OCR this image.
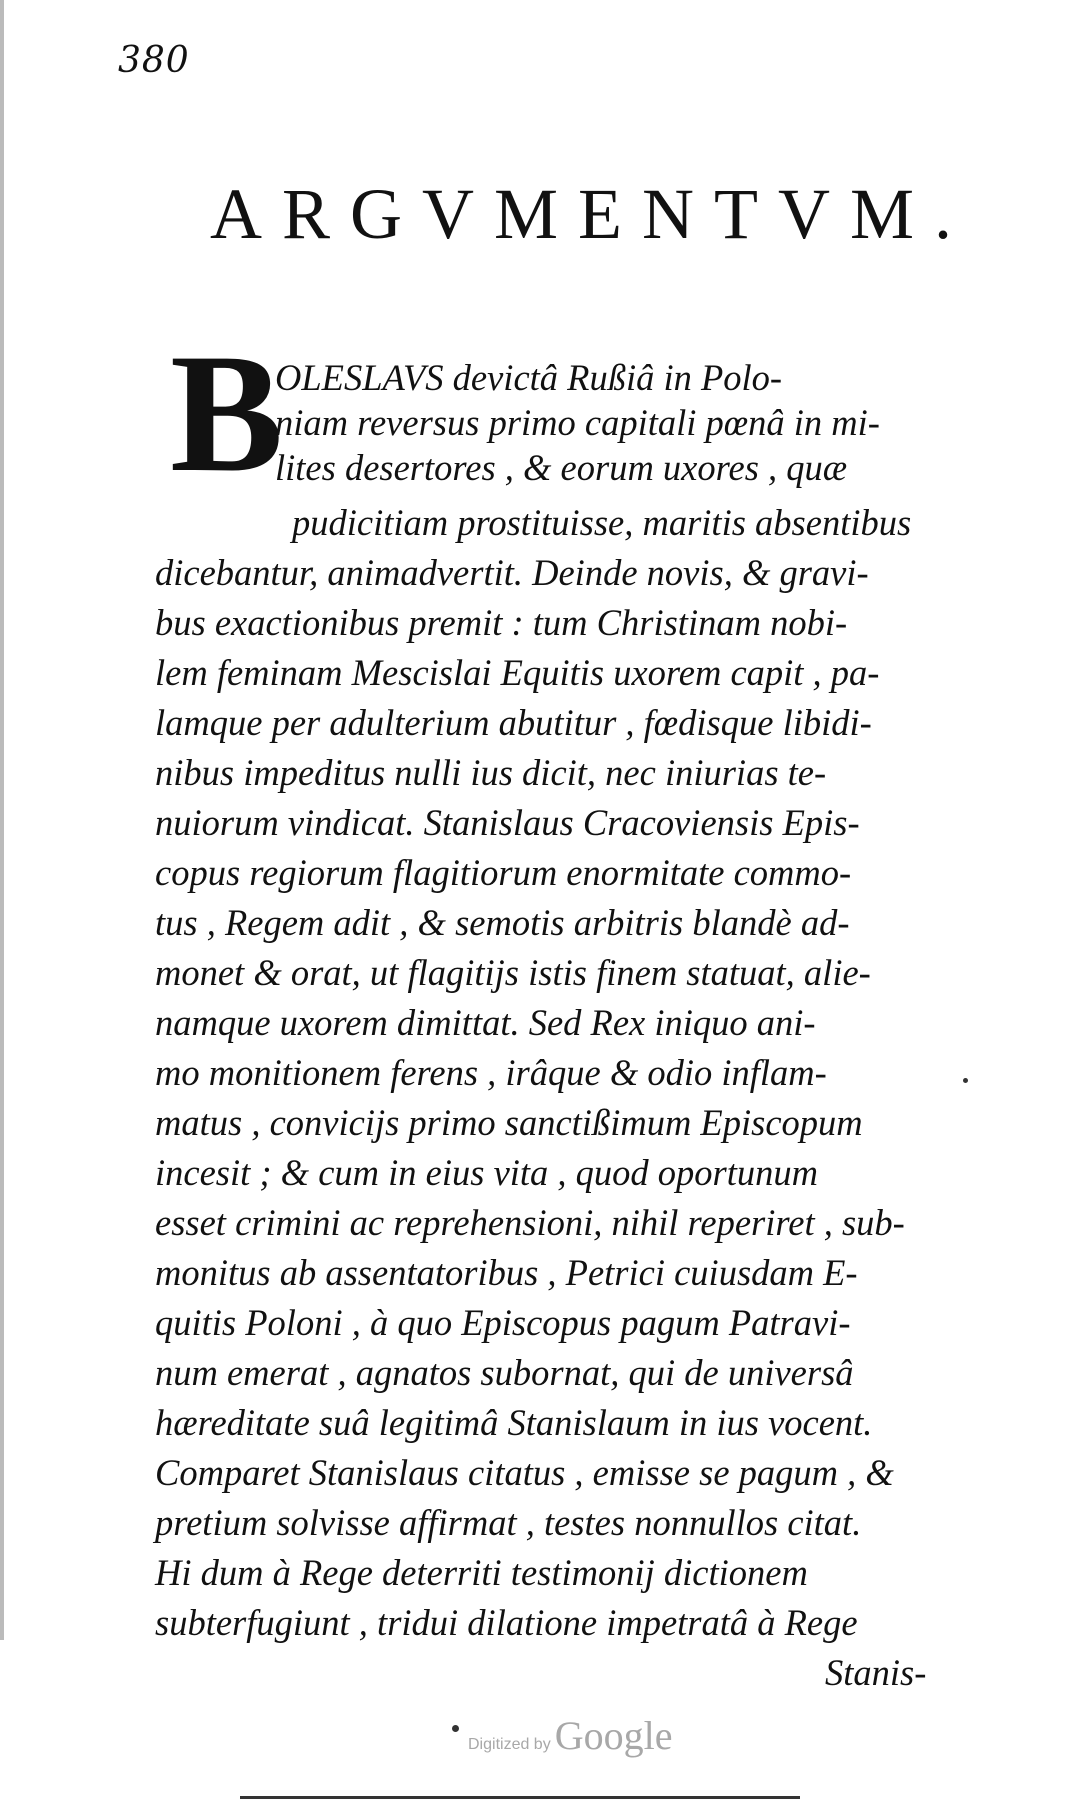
380
ARGVMENTVM.
B
OLESLAVS devictâ Rußiâ in Polo-
niam reversus primo capitali pœnâ in mi-
lites desertores , & eorum uxores , quæ
pudicitiam prostituisse, maritis absentibus
dicebantur, animadvertit. Deinde novis, & gravi-
bus exactionibus premit : tum Christinam nobi-
lem feminam Mescislai Equitis uxorem capit , pa-
lamque per adulterium abutitur , fœdisque libidi-
nibus impeditus nulli ius dicit, nec iniurias te-
nuiorum vindicat. Stanislaus Cracoviensis Epis-
copus regiorum flagitiorum enormitate commo-
tus , Regem adit , & semotis arbitris blandè ad-
monet & orat, ut flagitijs istis finem statuat, alie-
namque uxorem dimittat. Sed Rex iniquo ani-
mo monitionem ferens , irâque & odio inflam-
matus , convicijs primo sanctißimum Episcopum
incesit ; & cum in eius vita , quod oportunum
esset crimini ac reprehensioni, nihil reperiret , sub-
monitus ab assentatoribus , Petrici cuiusdam E-
quitis Poloni , à quo Episcopus pagum Patravi-
num emerat , agnatos subornat, qui de universâ
hæreditate suâ legitimâ Stanislaum in ius vocent.
Comparet Stanislaus citatus , emisse se pagum , &
pretium solvisse affirmat , testes nonnullos citat.
Hi dum à Rege deterriti testimonij dictionem
subterfugiunt , tridui dilatione impetratâ à Rege
Stanis-
Digitized by Google
